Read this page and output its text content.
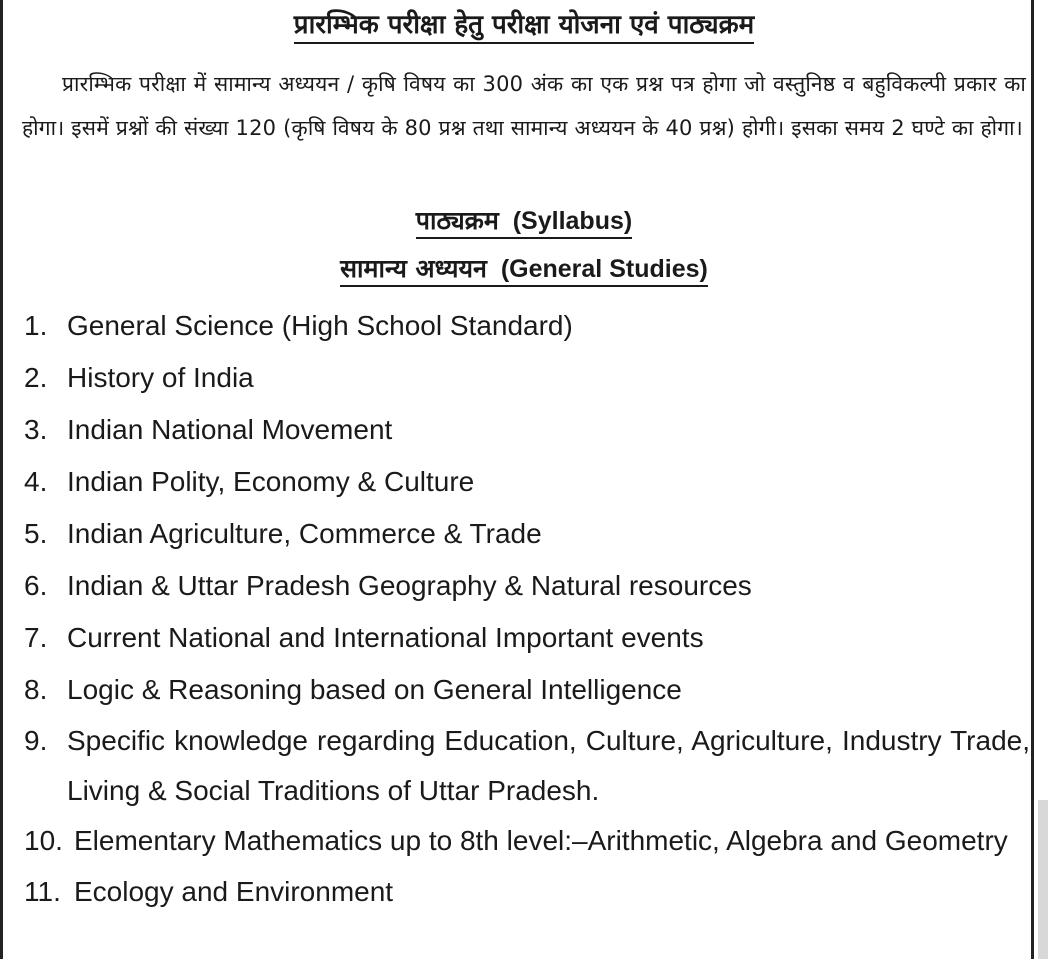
प्रारम्भिक परीक्षा हेतु परीक्षा योजना एवं पाठ्यक्रम
प्रारम्भिक परीक्षा में सामान्य अध्ययन / कृषि विषय का 300 अंक का एक प्रश्न पत्र होगा जो वस्तुनिष्ठ व बहुविकल्पी प्रकार का होगा। इसमें प्रश्नों की संख्या 120 (कृषि विषय के 80 प्रश्न तथा सामान्य अध्ययन के 40 प्रश्न) होगी। इसका समय 2 घण्टे का होगा।
पाठ्यक्रम (Syllabus)
सामान्य अध्ययन (General Studies)
1. General Science (High School Standard)
2. History of India
3. Indian National Movement
4. Indian Polity, Economy & Culture
5. Indian Agriculture, Commerce & Trade
6. Indian & Uttar Pradesh Geography & Natural resources
7. Current National and International Important events
8. Logic & Reasoning based on General Intelligence
9. Specific knowledge regarding Education, Culture, Agriculture, Industry Trade, Living & Social Traditions of Uttar Pradesh.
10. Elementary Mathematics up to 8th level:–Arithmetic, Algebra and Geometry
11. Ecology and Environment
